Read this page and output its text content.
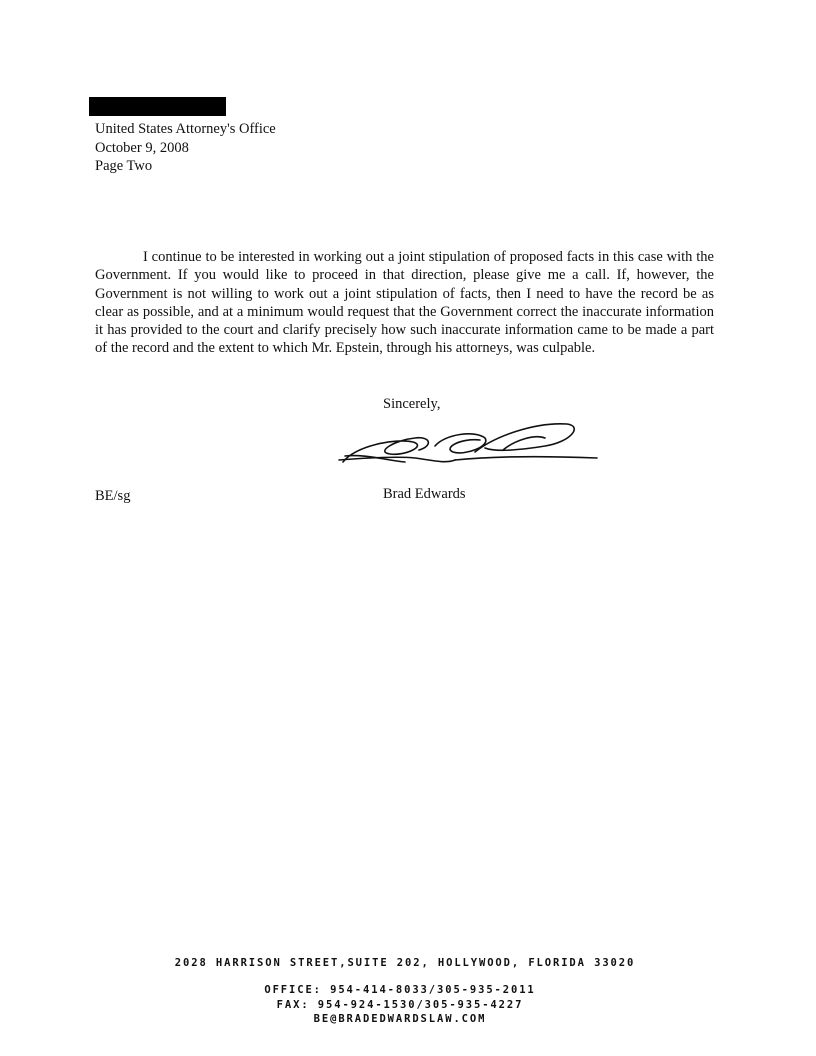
United States Attorney's Office
October 9, 2008
Page Two
I continue to be interested in working out a joint stipulation of proposed facts in this case with the Government. If you would like to proceed in that direction, please give me a call. If, however, the Government is not willing to work out a joint stipulation of facts, then I need to have the record be as clear as possible, and at a minimum would request that the Government correct the inaccurate information it has provided to the court and clarify precisely how such inaccurate information came to be made a part of the record and the extent to which Mr. Epstein, through his attorneys, was culpable.
Sincerely,
BE/sg	Brad Edwards
2028 HARRISON STREET,SUITE 202, HOLLYWOOD, FLORIDA 33020
OFFICE: 954-414-8033/305-935-2011
FAX: 954-924-1530/305-935-4227
BE@BRADEDWARDSLAW.COM
